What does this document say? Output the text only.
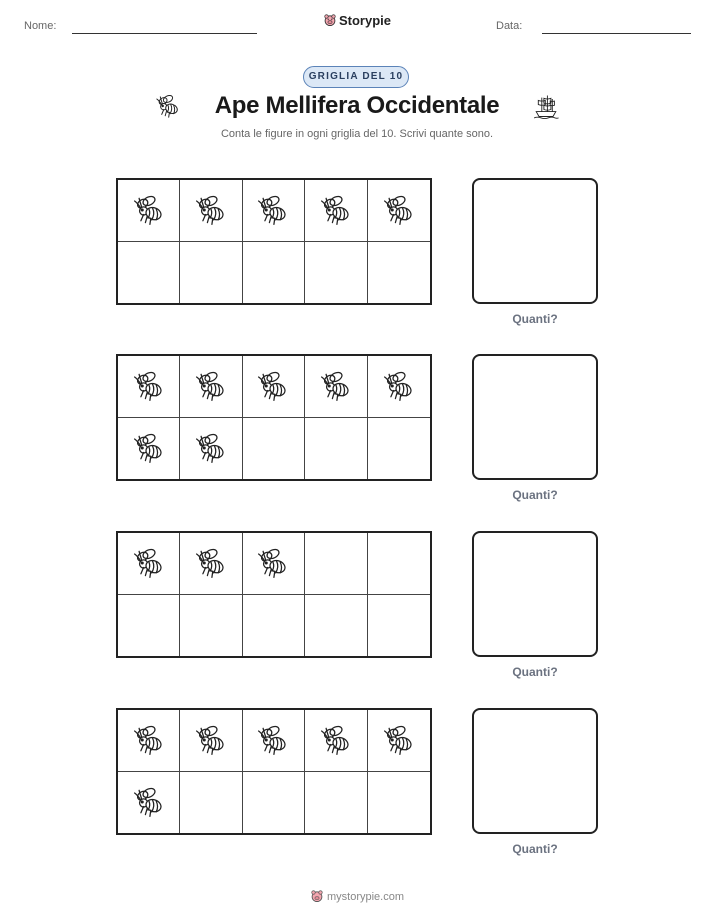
Nome:	Storypie	Data:
GRIGLIA DEL 10
Ape Mellifera Occidentale
Conta le figure in ogni griglia del 10. Scrivi quante sono.
Quanti?
Quanti?
Quanti?
Quanti?
mystorypie.com
